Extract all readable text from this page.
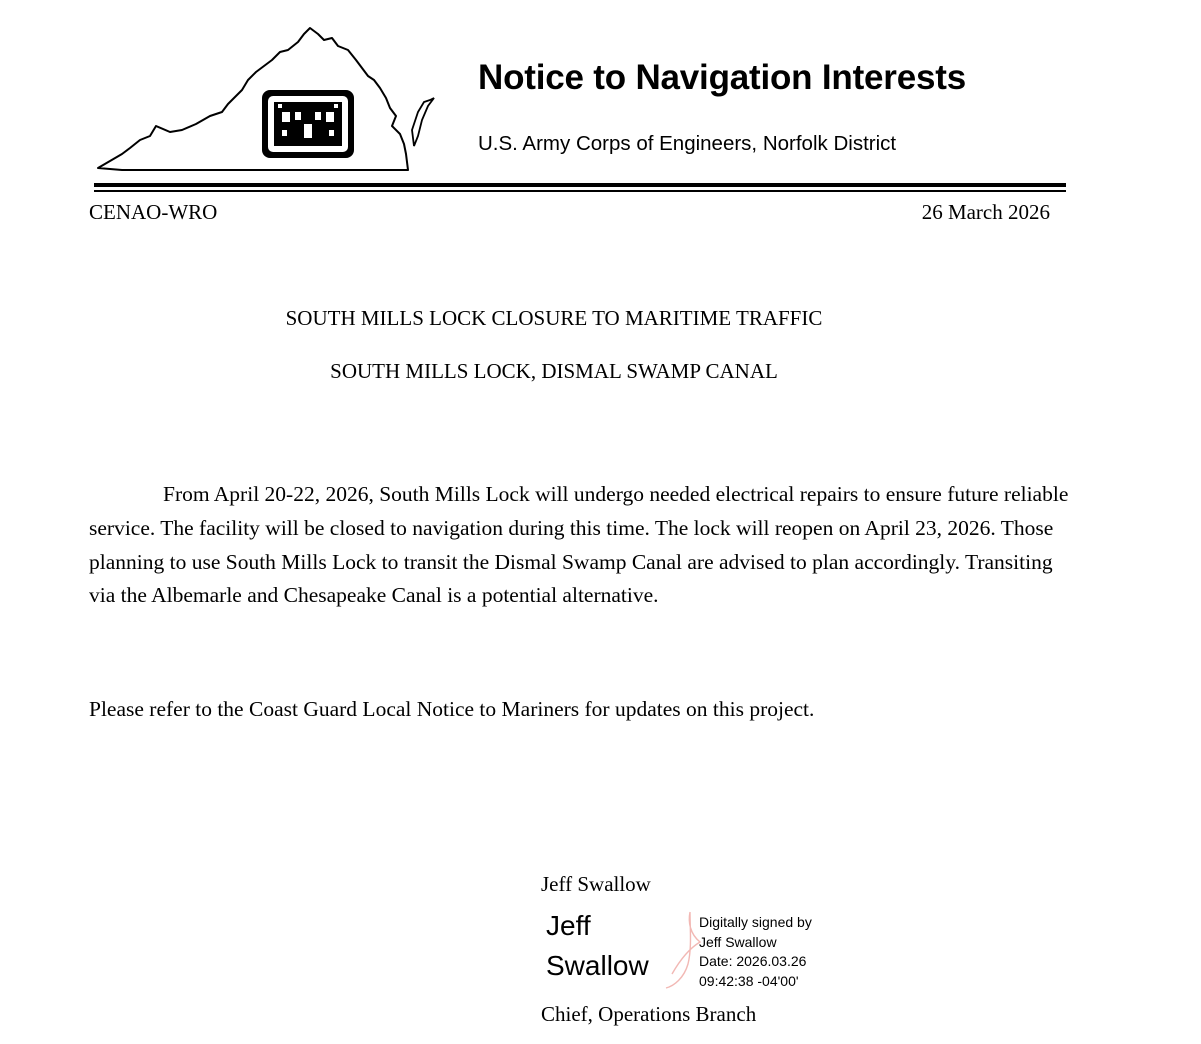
Notice to Navigation Interests
U.S. Army Corps of Engineers, Norfolk District
CENAO-WRO	26 March 2026
SOUTH MILLS LOCK CLOSURE TO MARITIME TRAFFIC
SOUTH MILLS LOCK, DISMAL SWAMP CANAL
From April 20-22, 2026, South Mills Lock will undergo needed electrical repairs to ensure future reliable service. The facility will be closed to navigation during this time. The lock will reopen on April 23, 2026. Those planning to use South Mills Lock to transit the Dismal Swamp Canal are advised to plan accordingly. Transiting via the Albemarle and Chesapeake Canal is a potential alternative.
Please refer to the Coast Guard Local Notice to Mariners for updates on this project.
Jeff Swallow
Jeff
Swallow
Digitally signed by
Jeff Swallow
Date: 2026.03.26
09:42:38 -04'00'
Chief, Operations Branch
